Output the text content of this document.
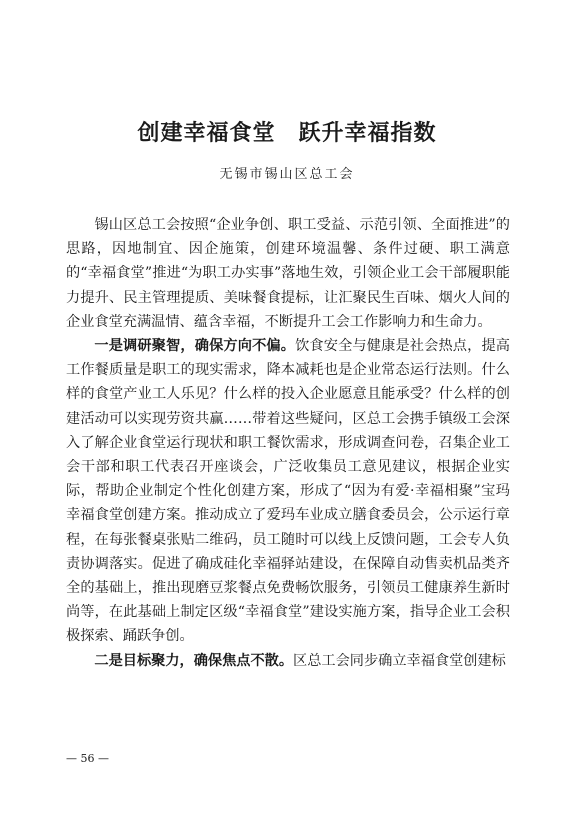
创建幸福食堂　跃升幸福指数
无锡市锡山区总工会

锡山区总工会按照“企业争创、职工受益、示范引领、全面推进”的思路，因地制宜、因企施策，创建环境温馨、条件过硬、职工满意的“幸福食堂”推进“为职工办实事”落地生效，引领企业工会干部履职能力提升、民主管理提质、美味餐食提标，让汇聚民生百味、烟火人间的企业食堂充满温情、蕴含幸福，不断提升工会工作影响力和生命力。

一是调研聚智，确保方向不偏。饮食安全与健康是社会热点，提高工作餐质量是职工的现实需求，降本减耗也是企业常态运行法则。什么样的食堂产业工人乐见？什么样的投入企业愿意且能承受？什么样的创建活动可以实现劳资共赢……带着这些疑问，区总工会携手镇级工会深入了解企业食堂运行现状和职工餐饮需求，形成调查问卷，召集企业工会干部和职工代表召开座谈会，广泛收集员工意见建议，根据企业实际，帮助企业制定个性化创建方案，形成了“因为有爱·幸福相聚”宝玛幸福食堂创建方案。推动成立了爱玛车业成立膳食委员会，公示运行章程，在每张餐桌张贴二维码，员工随时可以线上反馈问题，工会专人负责协调落实。促进了确成硅化幸福驿站建设，在保障自动售卖机品类齐全的基础上，推出现磨豆浆餐点免费畅饮服务，引领员工健康养生新时尚等，在此基础上制定区级“幸福食堂”建设实施方案，指导企业工会积极探索、踊跃争创。

二是目标聚力，确保焦点不散。区总工会同步确立幸福食堂创建标

— 56 —
